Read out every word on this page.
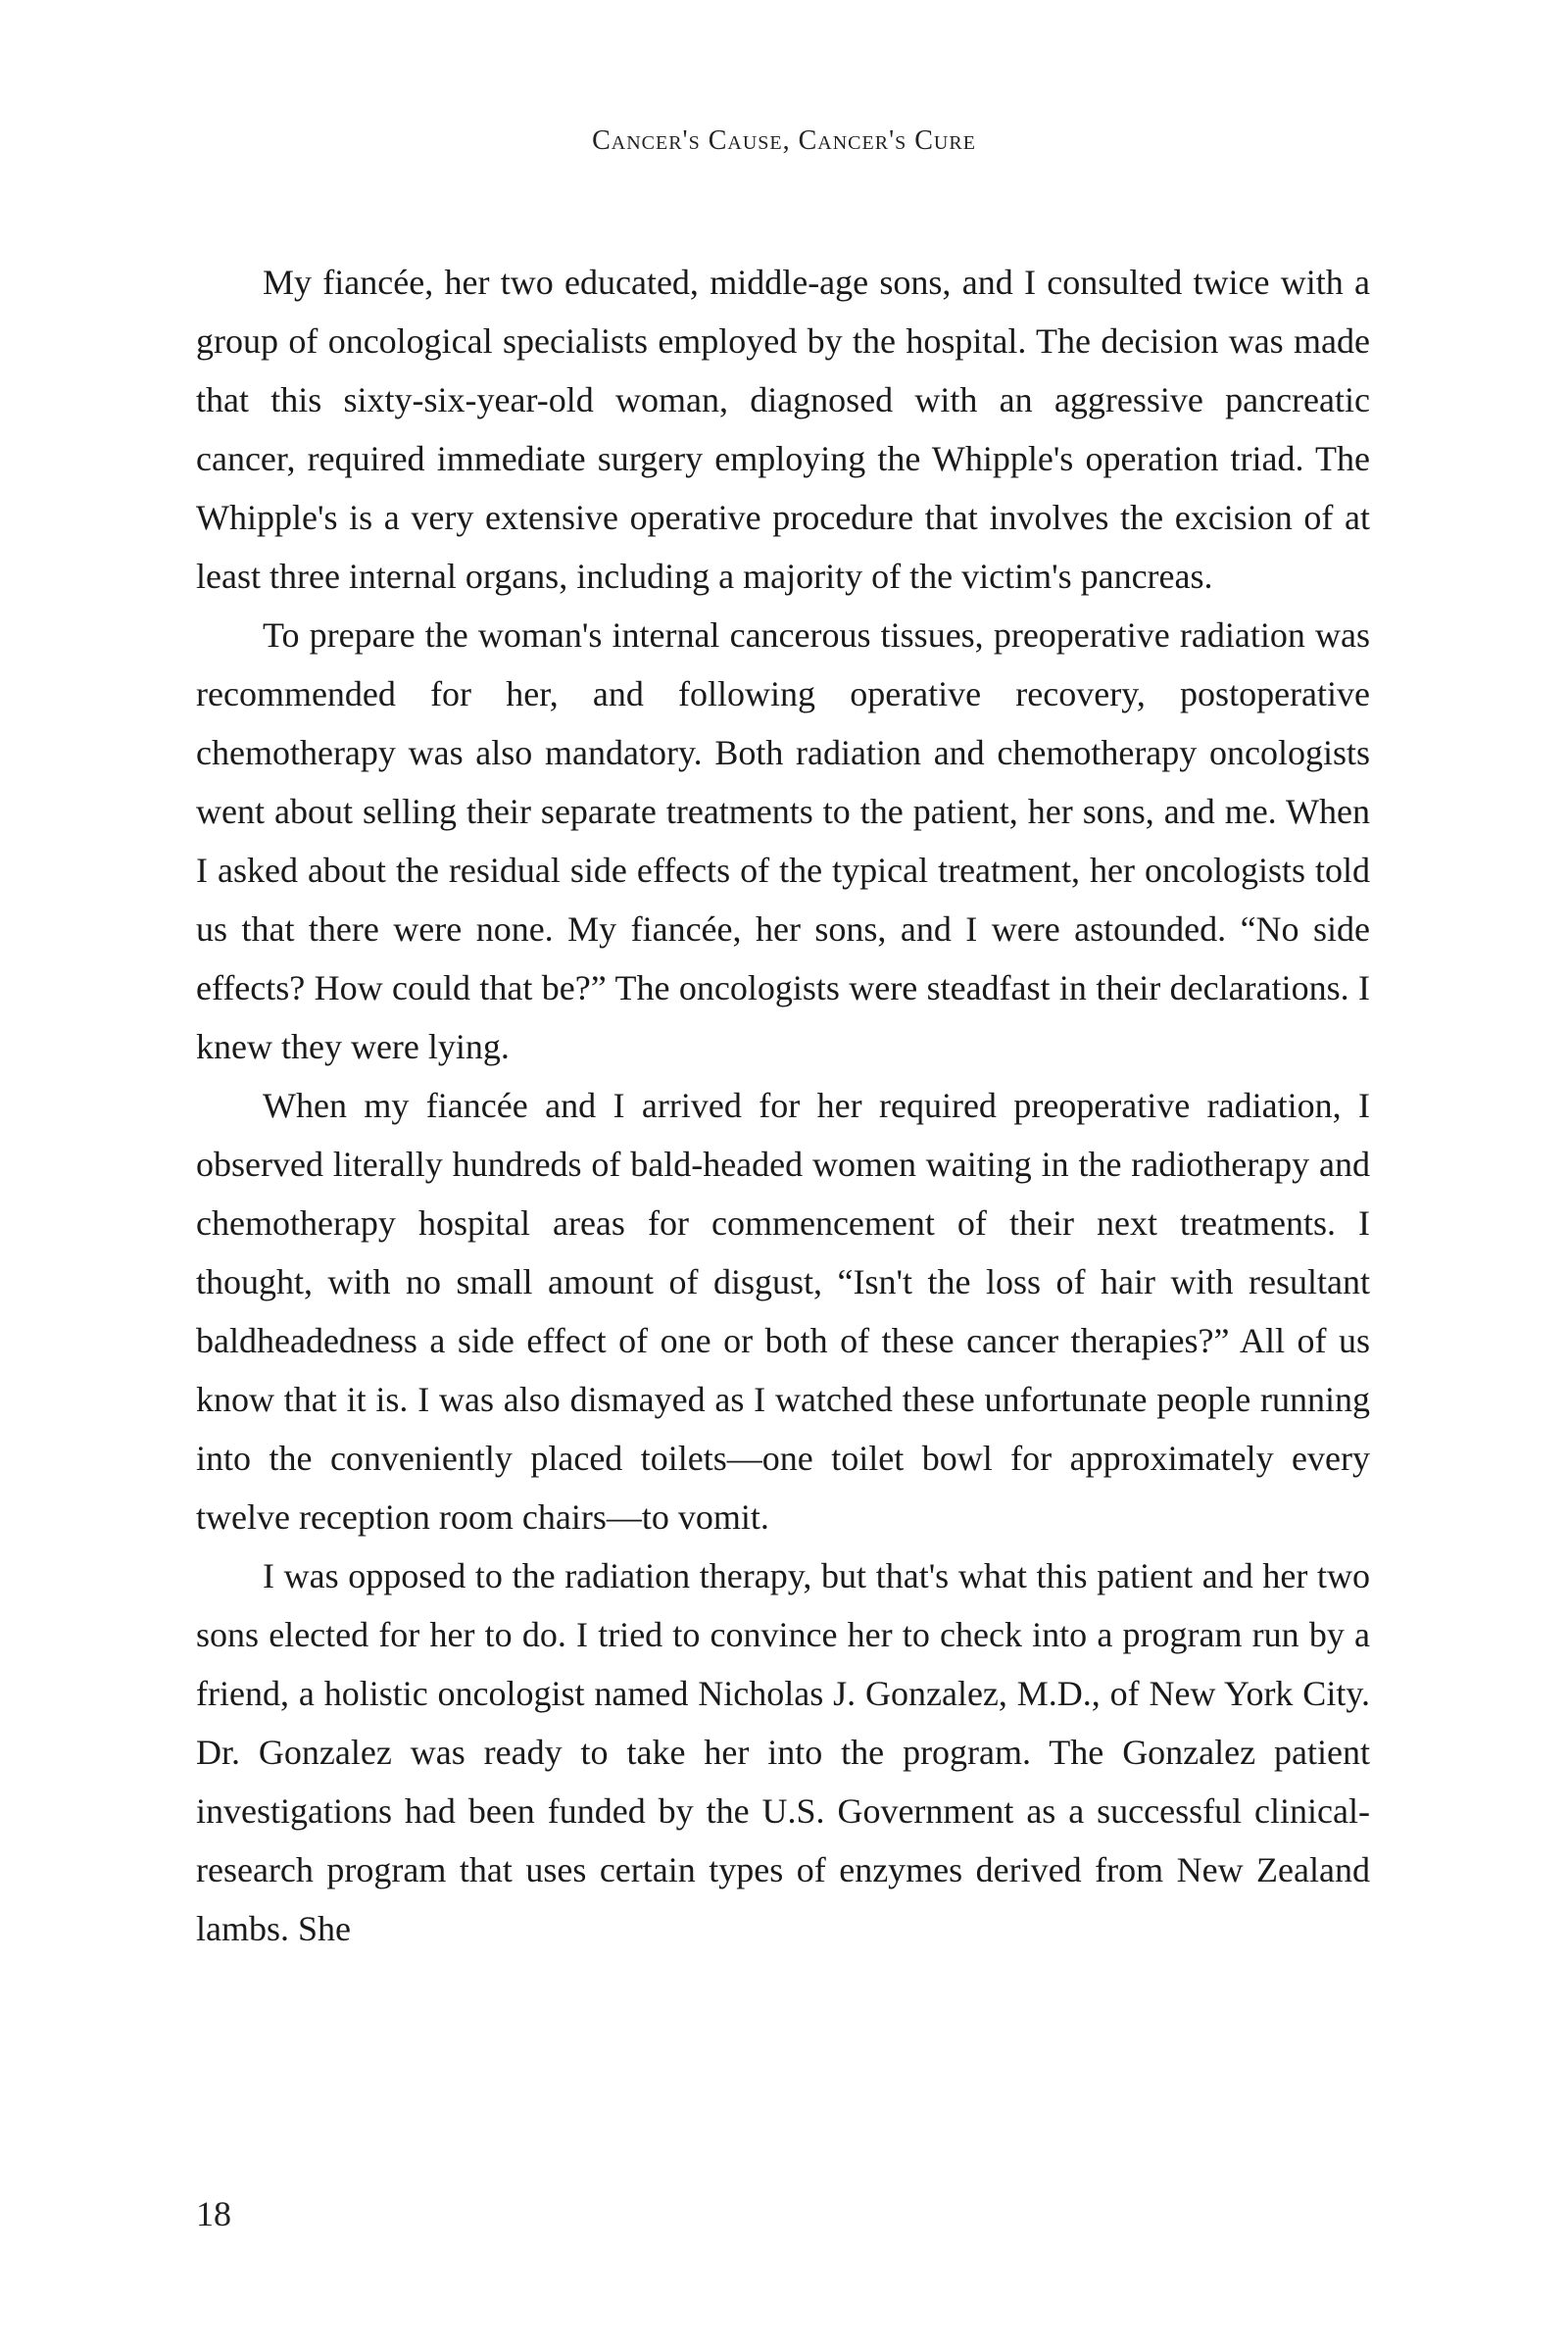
Cancer's Cause, Cancer's Cure

My fiancée, her two educated, middle-age sons, and I consulted twice with a group of oncological specialists employed by the hospital. The decision was made that this sixty-six-year-old woman, diagnosed with an aggressive pancreatic cancer, required immediate surgery employing the Whipple's operation triad. The Whipple's is a very extensive operative procedure that involves the excision of at least three internal organs, including a majority of the victim's pancreas.

To prepare the woman's internal cancerous tissues, preoperative radiation was recommended for her, and following operative recovery, postoperative chemotherapy was also mandatory. Both radiation and chemotherapy oncologists went about selling their separate treatments to the patient, her sons, and me. When I asked about the residual side effects of the typical treatment, her oncologists told us that there were none. My fiancée, her sons, and I were astounded. “No side effects? How could that be?” The oncologists were steadfast in their declarations. I knew they were lying.

When my fiancée and I arrived for her required preoperative radiation, I observed literally hundreds of bald-headed women waiting in the radiotherapy and chemotherapy hospital areas for commencement of their next treatments. I thought, with no small amount of disgust, “Isn't the loss of hair with resultant baldheadedness a side effect of one or both of these cancer therapies?” All of us know that it is. I was also dismayed as I watched these unfortunate people running into the conveniently placed toilets—one toilet bowl for approximately every twelve reception room chairs—to vomit.

I was opposed to the radiation therapy, but that's what this patient and her two sons elected for her to do. I tried to convince her to check into a program run by a friend, a holistic oncologist named Nicholas J. Gonzalez, M.D., of New York City. Dr. Gonzalez was ready to take her into the program. The Gonzalez patient investigations had been funded by the U.S. Government as a successful clinical-research program that uses certain types of enzymes derived from New Zealand lambs. She

18
